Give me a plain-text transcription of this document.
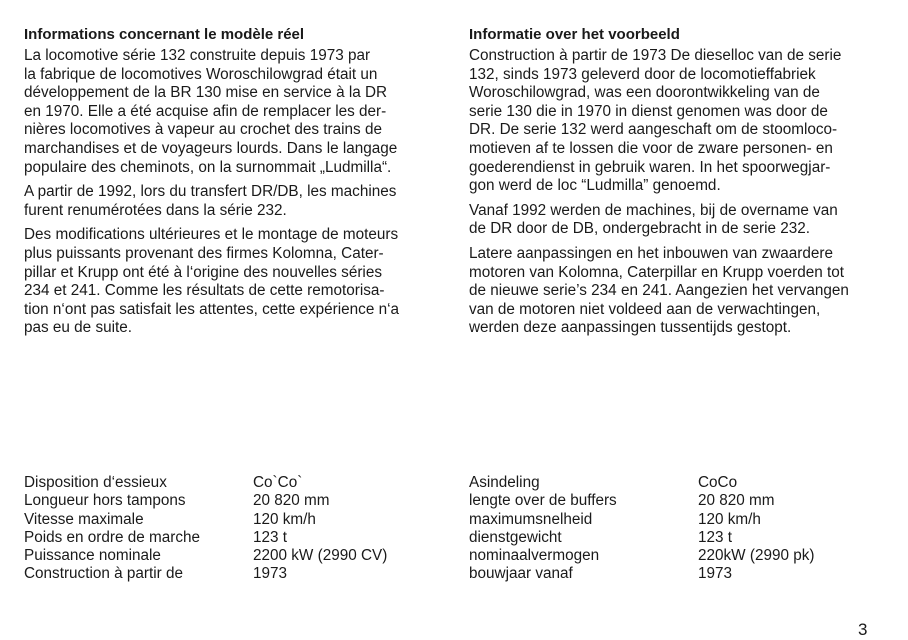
Informations concernant le modèle réel

La locomotive série 132 construite depuis 1973 par
la fabrique de locomotives Woroschilowgrad était un
développement de la BR 130 mise en service à la DR
en 1970. Elle a été acquise afin de remplacer les der-
nières locomotives à vapeur au crochet des trains de
marchandises et de voyageurs lourds. Dans le langage
populaire des cheminots, on la surnommait „Ludmilla“.

A partir de 1992, lors du transfert DR/DB, les machines
furent renumérotées dans la série 232.

Des modifications ultérieures et le montage de moteurs
plus puissants provenant des firmes Kolomna, Cater-
pillar et Krupp ont été à l‘origine des nouvelles séries
234 et 241. Comme les résultats de cette remotorisa-
tion n‘ont pas satisfait les attentes, cette expérience n‘a
pas eu de suite.

Informatie over het voorbeeld

Construction à partir de 1973 De dieselloc van de serie
132, sinds 1973 geleverd door de locomotieffabriek
Woroschilowgrad, was een doorontwikkeling van de
serie 130 die in 1970 in dienst genomen was door de
DR. De serie 132 werd aangeschaft om de stoomloco-
motieven af te lossen die voor de zware personen- en
goederendienst in gebruik waren. In het spoorwegjar-
gon werd de loc “Ludmilla” genoemd.

Vanaf 1992 werden de machines, bij de overname van
de DR door de DB, ondergebracht in de serie 232.

Latere aanpassingen en het inbouwen van zwaardere
motoren van Kolomna, Caterpillar en Krupp voerden tot
de nieuwe serie’s 234 en 241. Aangezien het vervangen
van de motoren niet voldeed aan de verwachtingen,
werden deze aanpassingen tussentijds gestopt.

Disposition d‘essieux	Co`Co`
Longueur hors tampons	20 820 mm
Vitesse maximale	120 km/h
Poids en ordre de marche	123 t
Puissance nominale	2200 kW (2990 CV)
Construction à partir de	1973
Asindeling	CoCo
lengte over de buffers	20 820 mm
maximumsnelheid	120 km/h
dienstgewicht	123 t
nominaalvermogen	220kW (2990 pk)
bouwjaar vanaf	1973
3
